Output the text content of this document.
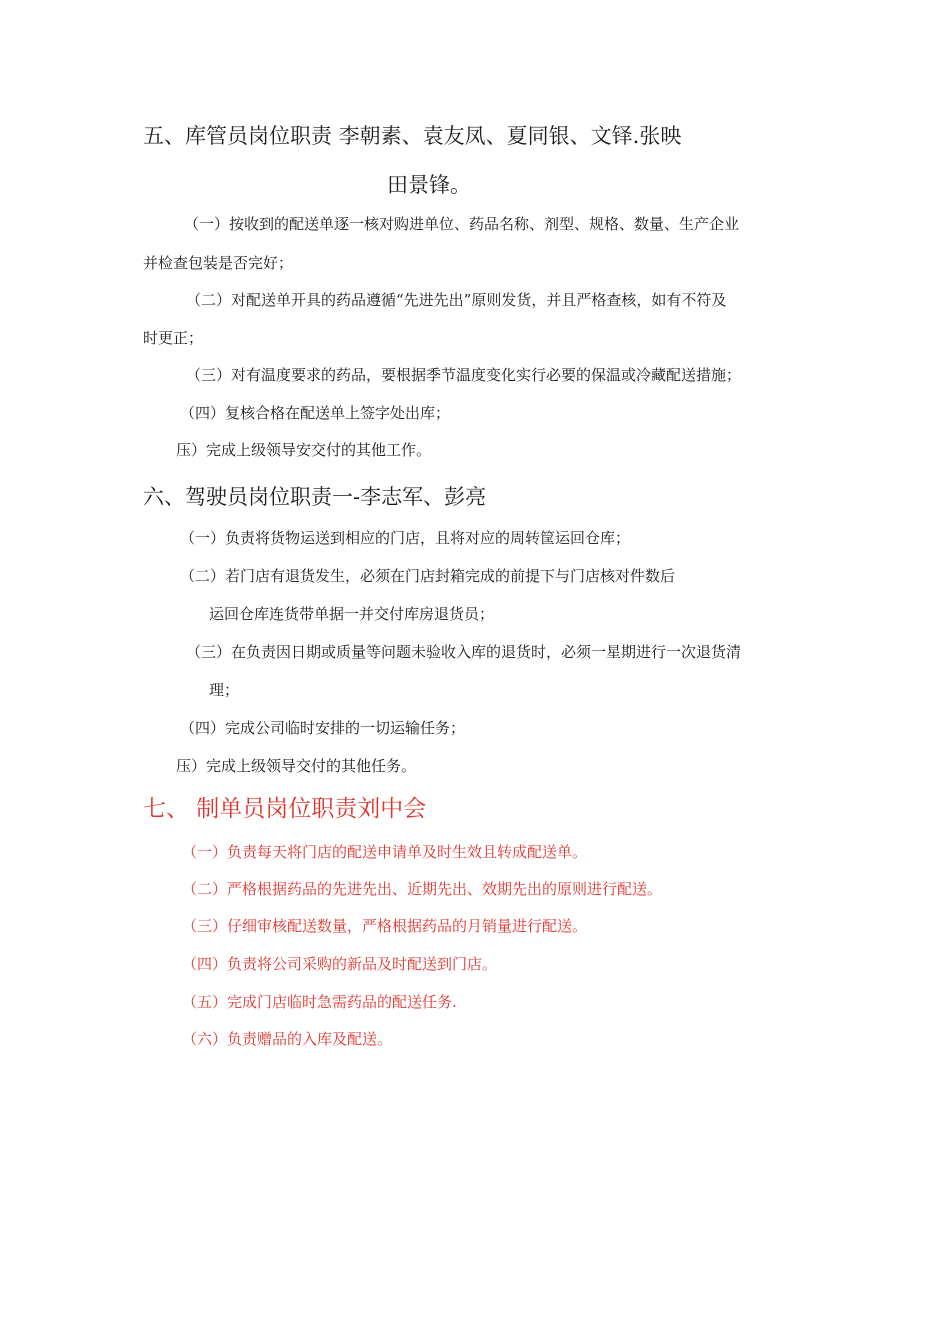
五、库管员岗位职责 李朝素、袁友凤、夏同银、文铎.张映
田景锋。
（一）按收到的配送单逐一核对购进单位、药品名称、剂型、规格、数量、生产企业
并检查包装是否完好；
（二）对配送单开具的药品遵循“先进先出”原则发货，并且严格查核，如有不符及
时更正；
（三）对有温度要求的药品，要根据季节温度变化实行必要的保温或冷藏配送措施；
（四）复核合格在配送单上签字处出库；
压）完成上级领导安交付的其他工作。
六、驾驶员岗位职责一-李志军、彭亮
（一）负责将货物运送到相应的门店，且将对应的周转筐运回仓库；
（二）若门店有退货发生，必须在门店封箱完成的前提下与门店核对件数后
运回仓库连货带单据一并交付库房退货员；
（三）在负责因日期或质量等问题未验收入库的退货时，必须一星期进行一次退货清
理；
（四）完成公司临时安排的一切运输任务；
压）完成上级领导交付的其他任务。
七、 制单员岗位职责刘中会
（一）负责每天将门店的配送申请单及时生效且转成配送单。
（二）严格根据药品的先进先出、近期先出、效期先出的原则进行配送。
（三）仔细审核配送数量，严格根据药品的月销量进行配送。
（四）负责将公司采购的新品及时配送到门店。
（五）完成门店临时急需药品的配送任务.
（六）负责赠品的入库及配送。
